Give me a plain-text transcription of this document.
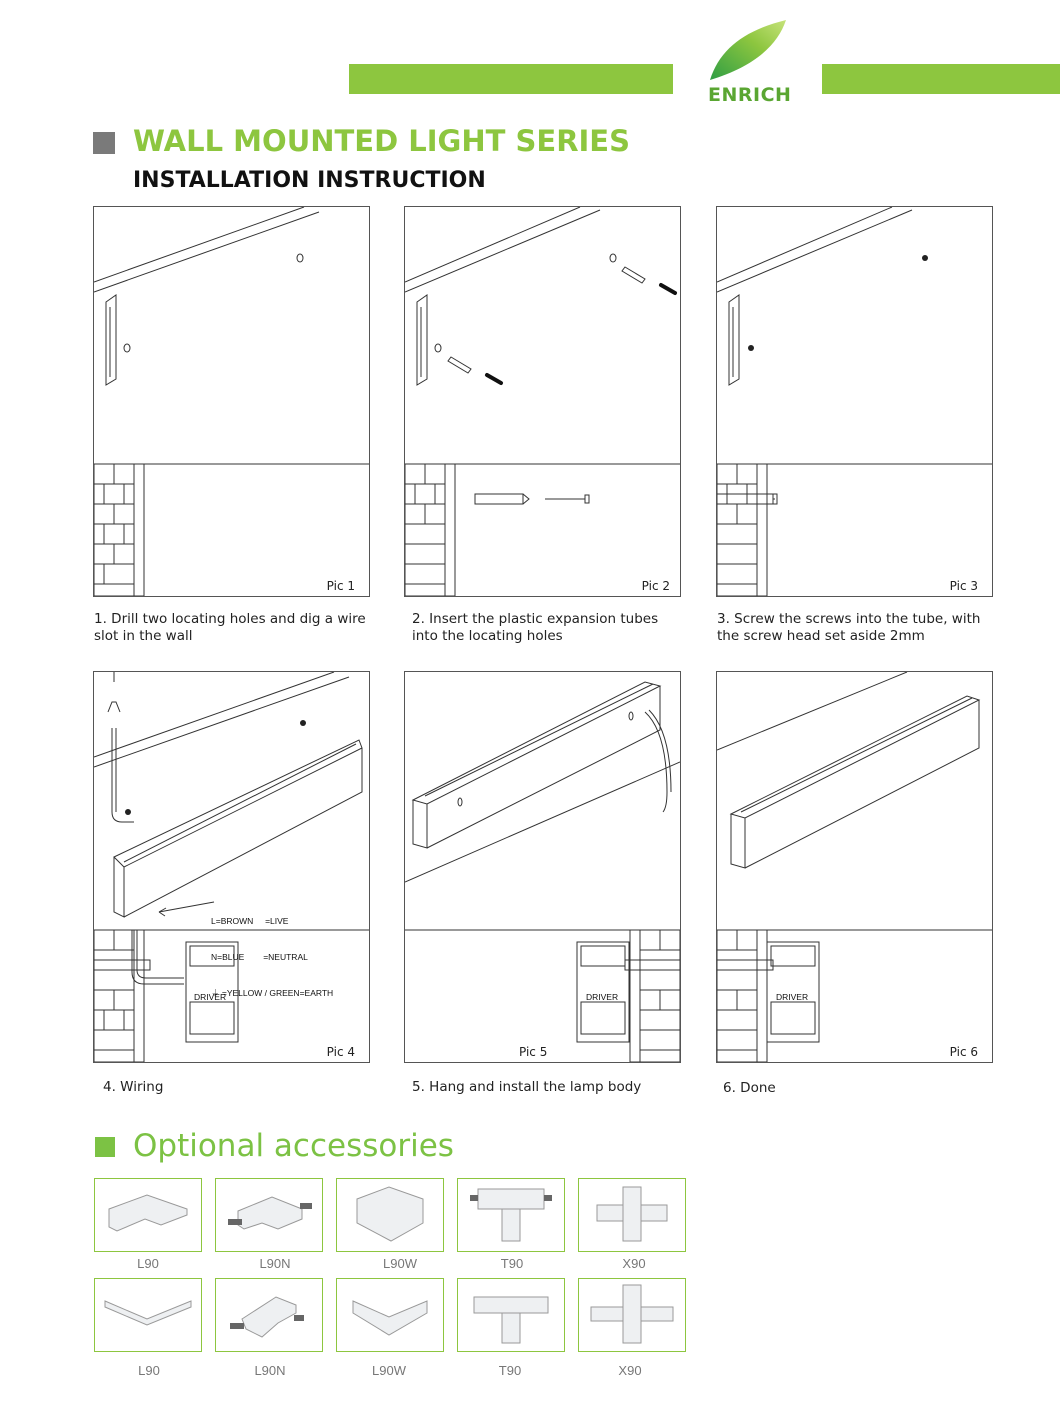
ENRICH
WALL MOUNTED LIGHT SERIES
INSTALLATION INSTRUCTION
Pic 1	Pic 2	Pic 3
1. Drill two locating holes and dig a wire
slot in the wall
2. Insert the plastic expansion tubes
into the locating holes
3. Screw the screws into the tube, with
the screw head set aside 2mm

L=BROWN     =LIVE

N=BLUE        =NEUTRAL

⏚ =YELLOW / GREEN=EARTH

DRIVER
Pic 4
DRIVER
Pic 5
DRIVER
Pic 6
4. Wiring	5. Hang and install the lamp body	6. Done
Optional accessories
L90	L90N	L90W	T90	X90
L90	L90N	L90W	T90	X90
